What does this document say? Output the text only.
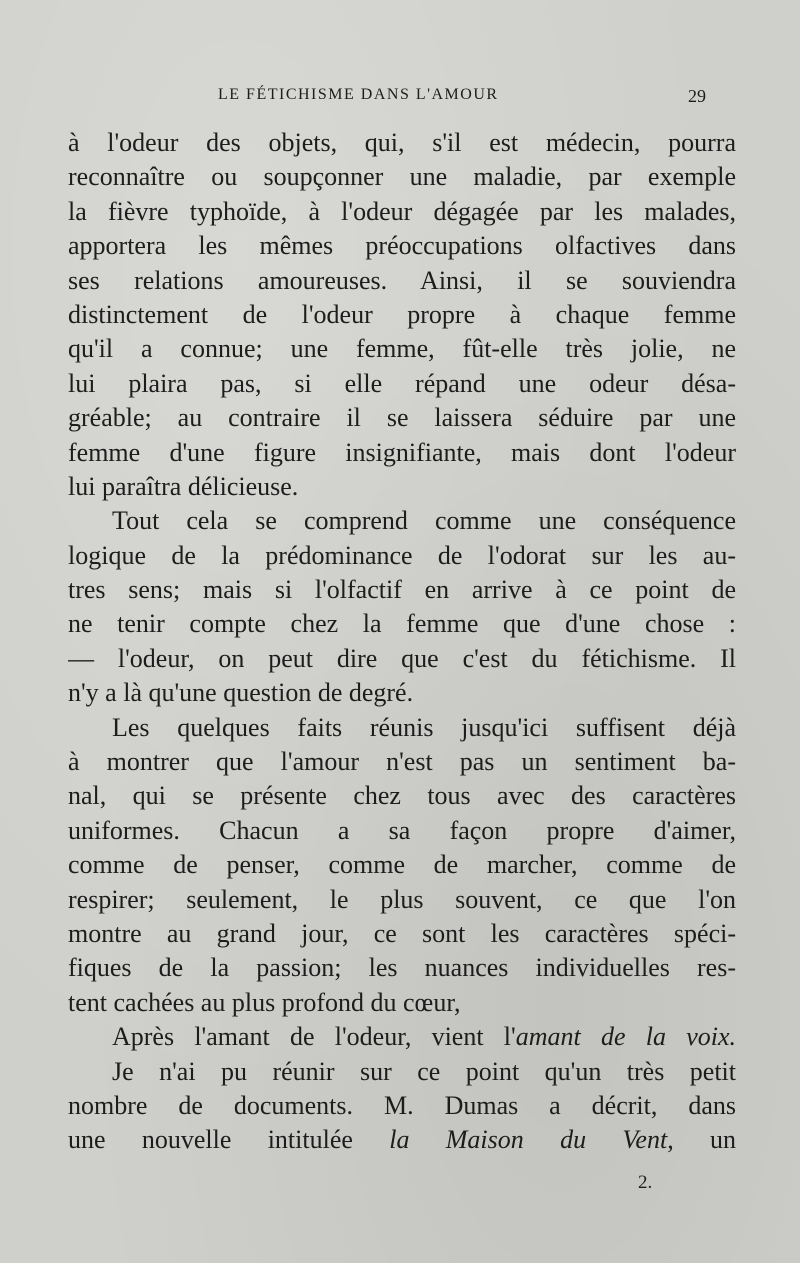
LE FÉTICHISME DANS L'AMOUR	29
à l'odeur des objets, qui, s'il est médecin, pourra
reconnaître ou soupçonner une maladie, par exemple
la fièvre typhoïde, à l'odeur dégagée par les malades,
apportera les mêmes préoccupations olfactives dans
ses relations amoureuses. Ainsi, il se souviendra
distinctement de l'odeur propre à chaque femme
qu'il a connue; une femme, fût-elle très jolie, ne
lui plaira pas, si elle répand une odeur désa-
gréable; au contraire il se laissera séduire par une
femme d'une figure insignifiante, mais dont l'odeur
lui paraîtra délicieuse.
Tout cela se comprend comme une conséquence
logique de la prédominance de l'odorat sur les au-
tres sens; mais si l'olfactif en arrive à ce point de
ne tenir compte chez la femme que d'une chose :
— l'odeur, on peut dire que c'est du fétichisme. Il
n'y a là qu'une question de degré.
Les quelques faits réunis jusqu'ici suffisent déjà
à montrer que l'amour n'est pas un sentiment ba-
nal, qui se présente chez tous avec des caractères
uniformes. Chacun a sa façon propre d'aimer,
comme de penser, comme de marcher, comme de
respirer; seulement, le plus souvent, ce que l'on
montre au grand jour, ce sont les caractères spéci-
fiques de la passion; les nuances individuelles res-
tent cachées au plus profond du cœur,
Après l'amant de l'odeur, vient l'amant de la voix.
Je n'ai pu réunir sur ce point qu'un très petit
nombre de documents. M. Dumas a décrit, dans
une nouvelle intitulée la Maison du Vent, un
2.
